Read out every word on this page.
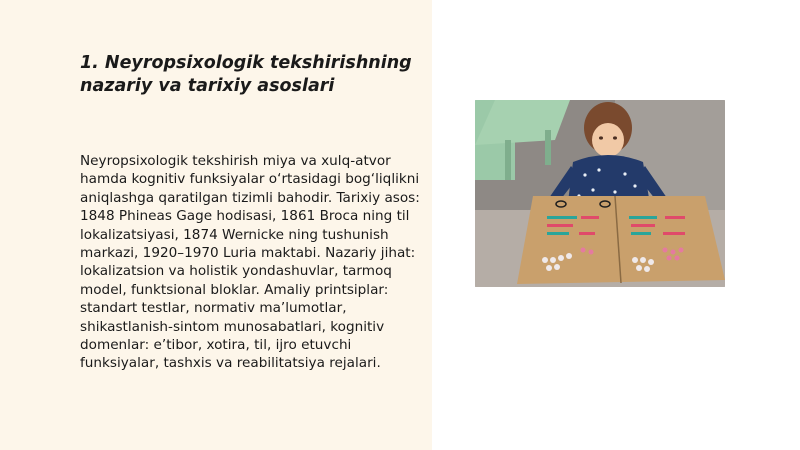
1. Neyropsixologik tekshirishning
nazariy va tarixiy asoslari

Neyropsixologik tekshirish miya va xulq-atvor hamda kognitiv funksiyalar o‘rtasidagi bog‘liqlikni aniqlashga qaratilgan tizimli bahodir. Tarixiy asos: 1848 Phineas Gage hodisasi, 1861 Broca ning til lokalizatsiyasi, 1874 Wernicke ning tushunish markazi, 1920–1970 Luria maktabi. Nazariy jihat: lokalizatsion va holistik yondashuvlar, tarmoq model, funktsional bloklar. Amaliy printsiplar: standart testlar, normativ ma’lumotlar, shikastlanish-sintom munosabatlari, kognitiv domenlar: e’tibor, xotira, til, ijro etuvchi funksiyalar, tashxis va reabilitatsiya rejalari.
